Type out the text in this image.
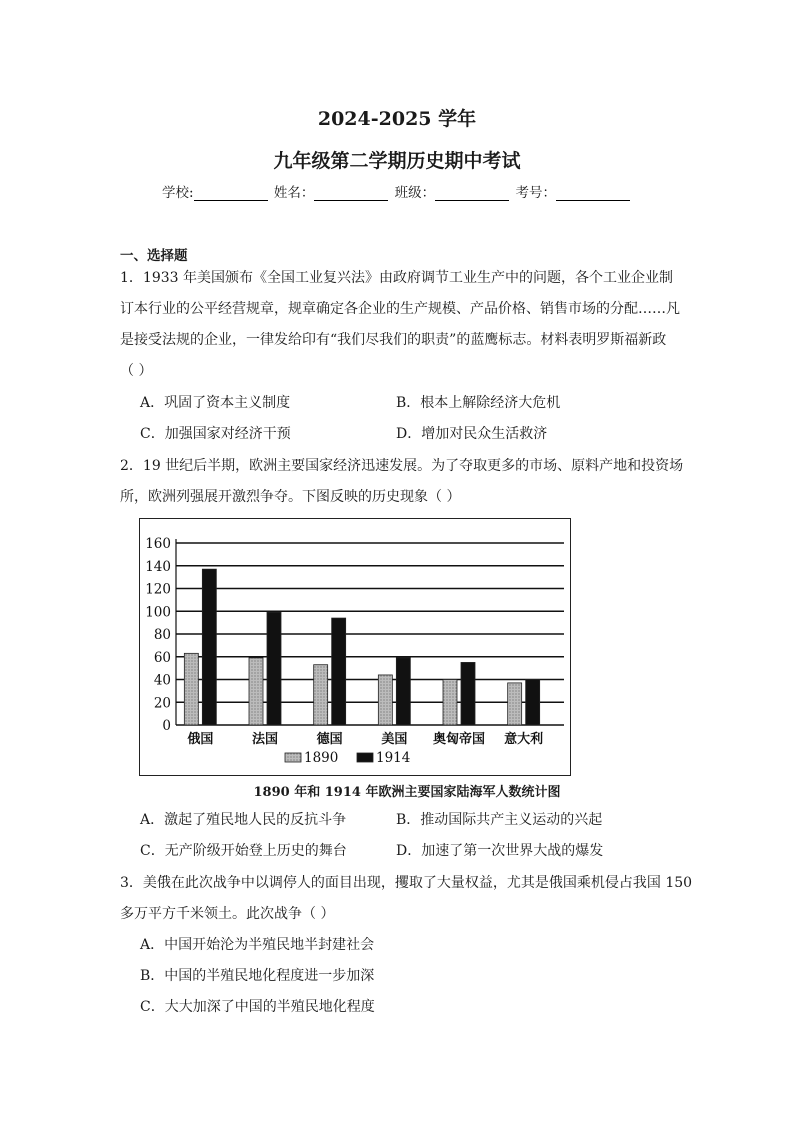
2024-2025 学年
九年级第二学期历史期中考试
学校:	姓名：	班级：	考号：
一、选择题
1．1933 年美国颁布《全国工业复兴法》由政府调节工业生产中的问题，各个工业企业制
订本行业的公平经营规章，规章确定各企业的生产规模、产品价格、销售市场的分配……凡
是接受法规的企业，一律发给印有“我们尽我们的职责”的蓝鹰标志。材料表明罗斯福新政
（ ）
A．巩固了资本主义制度	B．根本上解除经济大危机
C．加强国家对经济干预	D．增加对民众生活救济
2．19 世纪后半期，欧洲主要国家经济迅速发展。为了夺取更多的市场、原料产地和投资场
所，欧洲列强展开激烈争夺。下图反映的历史现象（ ）
0
20
40
60
80
100
120
140
160
俄国	法国	德国	美国 奥匈帝国 意大利
1890	1914
1890 年和 1914 年欧洲主要国家陆海军人数统计图
A．激起了殖民地人民的反抗斗争	B．推动国际共产主义运动的兴起
C．无产阶级开始登上历史的舞台	D．加速了第一次世界大战的爆发
3．美俄在此次战争中以调停人的面目出现，攫取了大量权益，尤其是俄国乘机侵占我国 150
多万平方千米领土。此次战争（ ）
A．中国开始沦为半殖民地半封建社会
B．中国的半殖民地化程度进一步加深
C．大大加深了中国的半殖民地化程度
